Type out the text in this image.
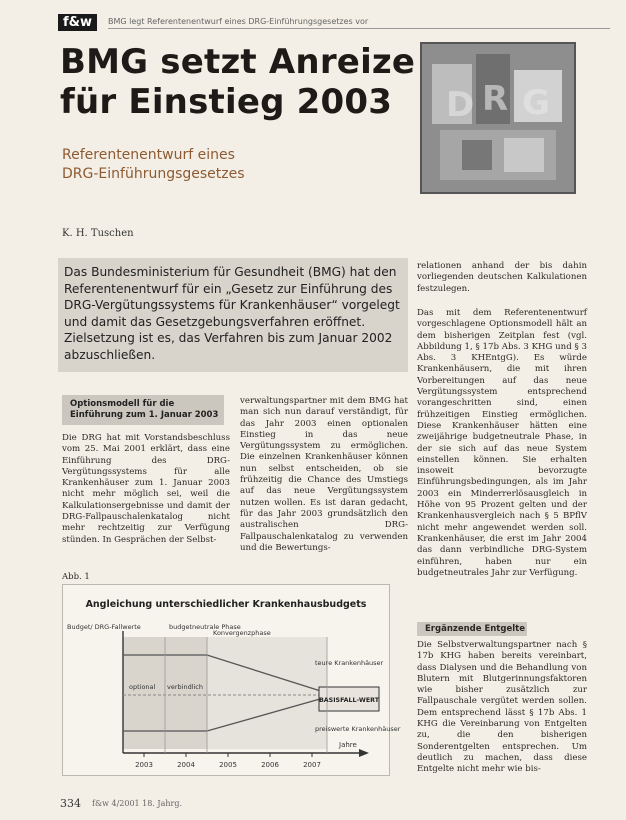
f&w	BMG legt Referentenentwurf eines DRG-Einführungsgesetzes vor
BMG setzt Anreize
für Einstieg 2003
Referentenentwurf eines
DRG-Einführungsgesetzes
K. H. Tuschen
D R G

Das Bundesministerium für Gesundheit (BMG) hat den Referentenentwurf für ein „Gesetz zur Einführung des DRG-Vergütungssystems für Krankenhäuser“ vorgelegt und damit das Gesetzgebungsverfahren eröffnet. Zielsetzung ist es, das Verfahren bis zum Januar 2002 abzuschließen.

Optionsmodell für die Einführung zum 1. Januar 2003

Die DRG hat mit Vorstandsbeschluss vom 25. Mai 2001 erklärt, dass eine Einführung des DRG-Vergütungssystems für alle Krankenhäuser zum 1. Januar 2003 nicht mehr möglich sei, weil die Kalkulationsergebnisse und damit der DRG-Fallpauschalenkatalog nicht mehr rechtzeitig zur Verfügung stünden. In Gesprächen der Selbst-

verwaltungspartner mit dem BMG hat man sich nun darauf verständigt, für das Jahr 2003 einen optionalen Einstieg in das neue Vergütungssystem zu ermöglichen. Die einzelnen Krankenhäuser können nun selbst entscheiden, ob sie frühzeitig die Chance des Umstiegs auf das neue Vergütungssystem nutzen wollen. Es ist daran gedacht, für das Jahr 2003 grundsätzlich den australischen DRG-Fallpauschalenkatalog zu verwenden und die Bewertungs-

relationen anhand der bis dahin vorliegenden deutschen Kalkulationen festzulegen.

Das mit dem Referentenentwurf vorgeschlagene Optionsmodell hält an dem bisherigen Zeitplan fest (vgl. Abbildung 1, § 17b Abs. 3 KHG und § 3 Abs. 3 KHEntgG). Es würde Krankenhäusern, die mit ihren Vorbereitungen auf das neue Vergütungssystem entsprechend vorangeschritten sind, einen frühzeitigen Einstieg ermöglichen. Diese Krankenhäuser hätten eine zweijährige budgetneutrale Phase, in der sie sich auf das neue System einstellen können. Sie erhalten insoweit bevorzugte Einführungsbedingungen, als im Jahr 2003 ein Minderrerlösausgleich in Höhe von 95 Prozent gelten und der Krankenhausvergleich nach § 5 BPflV nicht mehr angewendet werden soll. Krankenhäuser, die erst im Jahr 2004 das dann verbindliche DRG-System einführen, haben nur ein budgetneutrales Jahr zur Verfügung.

Ergänzende Entgelte

Die Selbstverwaltungspartner nach § 17b KHG haben bereits vereinbart, dass Dialysen und die Behandlung von Blutern mit Blutgerinnungsfaktoren wie bisher zusätzlich zur Fallpauschale vergütet werden sollen. Dem entsprechend lässt § 17b Abs. 1 KHG die Vereinbarung von Entgelten zu, die den bisherigen Sonderentgelten entsprechen. Um deutlich zu machen, dass diese Entgelte nicht mehr wie bis-

Abb. 1
Angleichung unterschiedlicher Krankenhausbudgets
Budget/ DRG-Fallwerte	budgetneutrale Phase
Konvergenzphase
teure Krankenhäuser
optional verbindlich
BASISFALL-WERT
preiswerte Krankenhäuser
Jahre
2003	2004	2005	2006	2007
334 f&w 4/2001 18. Jahrg.
